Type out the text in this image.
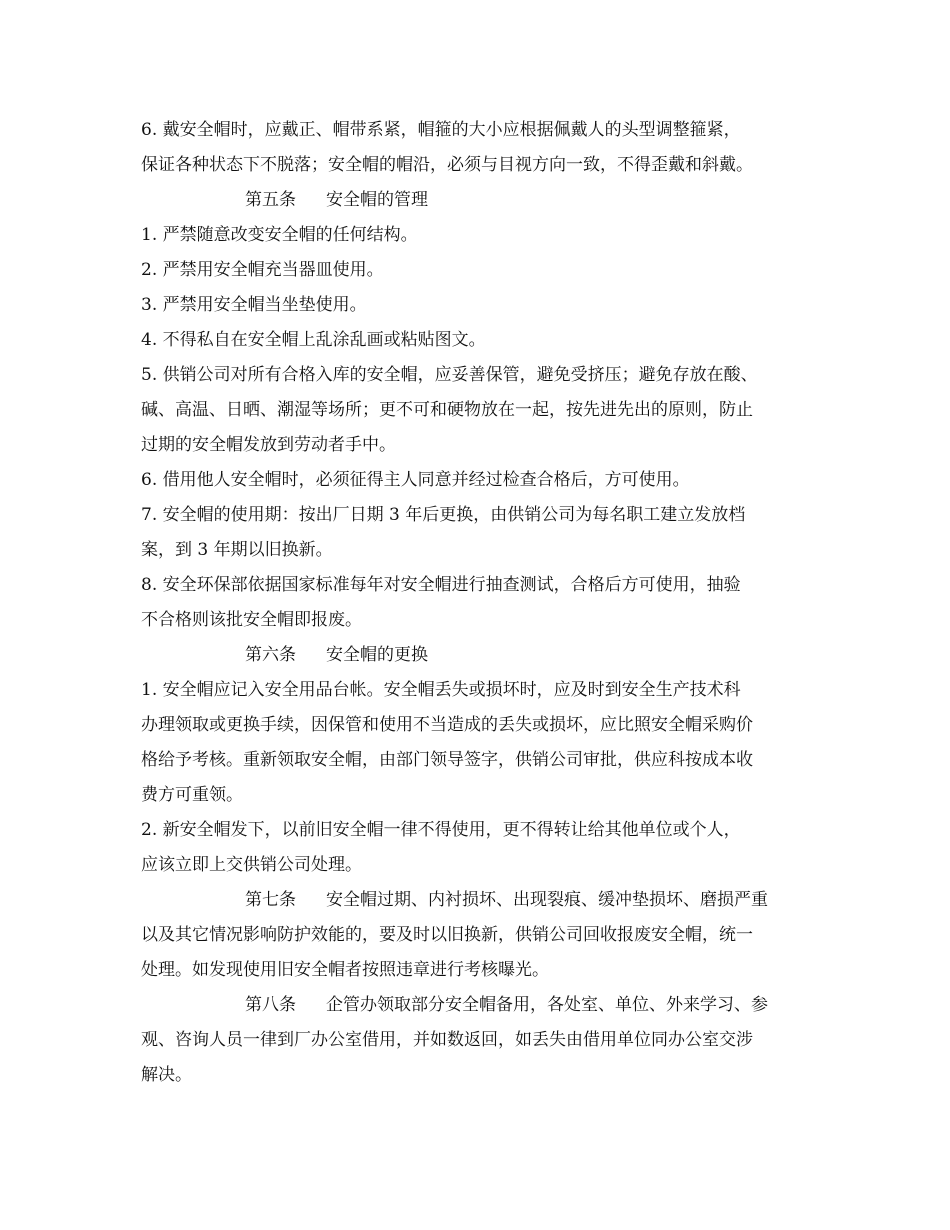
6. 戴安全帽时，应戴正、帽带系紧，帽箍的大小应根据佩戴人的头型调整箍紧，
保证各种状态下不脱落；安全帽的帽沿，必须与目视方向一致，不得歪戴和斜戴。
第五条 安全帽的管理
1. 严禁随意改变安全帽的任何结构。
2. 严禁用安全帽充当器皿使用。
3. 严禁用安全帽当坐垫使用。
4. 不得私自在安全帽上乱涂乱画或粘贴图文。
5. 供销公司对所有合格入库的安全帽，应妥善保管，避免受挤压；避免存放在酸、
碱、高温、日晒、潮湿等场所；更不可和硬物放在一起，按先进先出的原则，防止
过期的安全帽发放到劳动者手中。
6. 借用他人安全帽时，必须征得主人同意并经过检查合格后，方可使用。
7. 安全帽的使用期：按出厂日期 3 年后更换，由供销公司为每名职工建立发放档
案，到 3 年期以旧换新。
8. 安全环保部依据国家标准每年对安全帽进行抽查测试，合格后方可使用，抽验
不合格则该批安全帽即报废。
第六条 安全帽的更换
1. 安全帽应记入安全用品台帐。安全帽丢失或损坏时，应及时到安全生产技术科
办理领取或更换手续，因保管和使用不当造成的丢失或损坏，应比照安全帽采购价
格给予考核。重新领取安全帽，由部门领导签字，供销公司审批，供应科按成本收
费方可重领。
2. 新安全帽发下，以前旧安全帽一律不得使用，更不得转让给其他单位或个人，
应该立即上交供销公司处理。
第七条 安全帽过期、内衬损坏、出现裂痕、缓冲垫损坏、磨损严重
以及其它情况影响防护效能的，要及时以旧换新，供销公司回收报废安全帽，统一
处理。如发现使用旧安全帽者按照违章进行考核曝光。
第八条 企管办领取部分安全帽备用，各处室、单位、外来学习、参
观、咨询人员一律到厂办公室借用，并如数返回，如丢失由借用单位同办公室交涉
解决。
